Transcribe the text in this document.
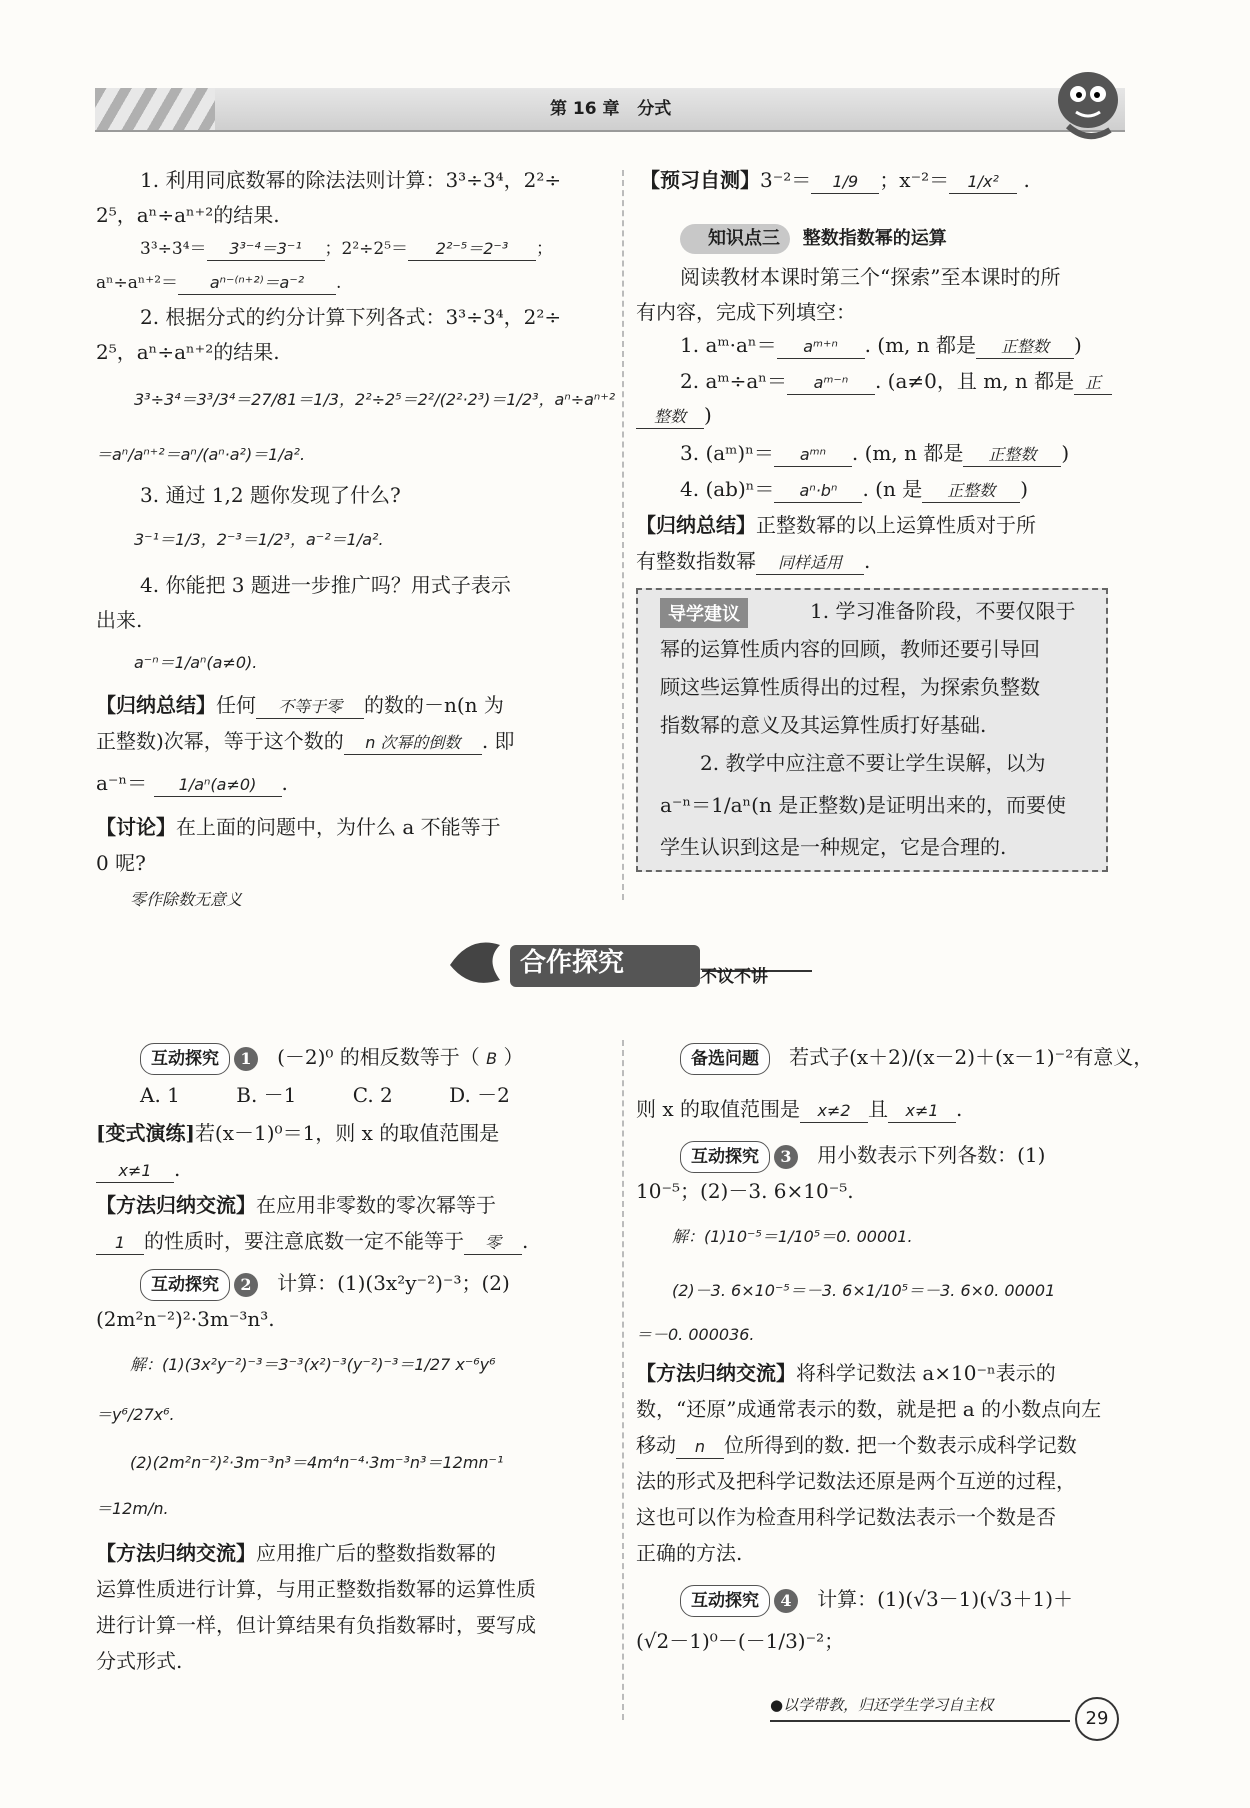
第 16 章 分式
1. 利用同底数幂的除法法则计算：3³÷3⁴，2²÷
2⁵，aⁿ÷aⁿ⁺²的结果.
3³÷3⁴＝ 3³⁻⁴＝3⁻¹ ；2²÷2⁵＝ 2²⁻⁵＝2⁻³ ；
aⁿ÷aⁿ⁺²＝ aⁿ⁻⁽ⁿ⁺²⁾＝a⁻² .
2. 根据分式的约分计算下列各式：3³÷3⁴，2²÷
2⁵，aⁿ÷aⁿ⁺²的结果.
3³÷3⁴＝3³/3⁴＝27/81＝1/3，2²÷2⁵＝2²/(2²·2³)＝1/2³，aⁿ÷aⁿ⁺²
＝aⁿ/aⁿ⁺²＝aⁿ/(aⁿ·a²)＝1/a².
3. 通过 1,2 题你发现了什么?
3⁻¹＝1/3，2⁻³＝1/2³，a⁻²＝1/a².
4. 你能把 3 题进一步推广吗？用式子表示
出来.
a⁻ⁿ＝1/aⁿ(a≠0).
【归纳总结】任何 不等于零 的数的－n(n 为
正整数)次幂，等于这个数的 n 次幂的倒数 . 即
a⁻ⁿ＝ 1/aⁿ(a≠0) .
【讨论】在上面的问题中，为什么 a 不能等于
0 呢?
零作除数无意义
【预习自测】3⁻²＝ 1/9 ；x⁻²＝ 1/x² .
知识点三 整数指数幂的运算
阅读教材本课时第三个“探索”至本课时的所
有内容，完成下列填空：
1. aᵐ·aⁿ＝ aᵐ⁺ⁿ . (m, n 都是 正整数 )
2. aᵐ÷aⁿ＝ aᵐ⁻ⁿ . (a≠0，且 m, n 都是 正
整数 )
3. (aᵐ)ⁿ＝ aᵐⁿ . (m, n 都是 正整数 )
4. (ab)ⁿ＝ aⁿ·bⁿ . (n 是 正整数 )
【归纳总结】正整数幂的以上运算性质对于所
有整数指数幂 同样适用 .
导学建议	1. 学习准备阶段，不要仅限于
幂的运算性质内容的回顾，教师还要引导回
顾这些运算性质得出的过程，为探索负整数
指数幂的意义及其运算性质打好基础.
2. 教学中应注意不要让学生误解，以为
a⁻ⁿ＝1/aⁿ(n 是正整数)是证明出来的，而要使
学生认识到这是一种规定，它是合理的.
合作探究	不议不讲
互动探究 1 (－2)⁰ 的相反数等于（ B ）
A. 1	B. －1	C. 2	D. －2
[变式演练]若(x－1)⁰＝1，则 x 的取值范围是
x≠1 .
【方法归纳交流】在应用非零数的零次幂等于
1 的性质时，要注意底数一定不能等于 零 .
互动探究 2 计算：(1)(3x²y⁻²)⁻³；(2)
(2m²n⁻²)²·3m⁻³n³.
解：(1)(3x²y⁻²)⁻³＝3⁻³(x²)⁻³(y⁻²)⁻³＝1/27 x⁻⁶y⁶
＝y⁶/27x⁶.
(2)(2m²n⁻²)²·3m⁻³n³＝4m⁴n⁻⁴·3m⁻³n³＝12mn⁻¹
＝12m/n.
【方法归纳交流】应用推广后的整数指数幂的
运算性质进行计算，与用正整数指数幂的运算性质
进行计算一样，但计算结果有负指数幂时，要写成
分式形式.
备选问题 若式子(x＋2)/(x－2)＋(x－1)⁻²有意义，
则 x 的取值范围是 x≠2 且 x≠1 .
互动探究 3 用小数表示下列各数：(1)
10⁻⁵；(2)－3. 6×10⁻⁵.
解：(1)10⁻⁵＝1/10⁵＝0. 00001.
(2)－3. 6×10⁻⁵＝－3. 6×1/10⁵＝－3. 6×0. 00001
＝－0. 000036.
【方法归纳交流】将科学记数法 a×10⁻ⁿ表示的
数，“还原”成通常表示的数，就是把 a 的小数点向左
移动 n 位所得到的数. 把一个数表示成科学记数
法的形式及把科学记数法还原是两个互逆的过程，
这也可以作为检查用科学记数法表示一个数是否
正确的方法.
互动探究 4 计算：(1)(√3－1)(√3＋1)＋
(√2－1)⁰－(－1/3)⁻²；
●以学带教，归还学生学习自主权
29
